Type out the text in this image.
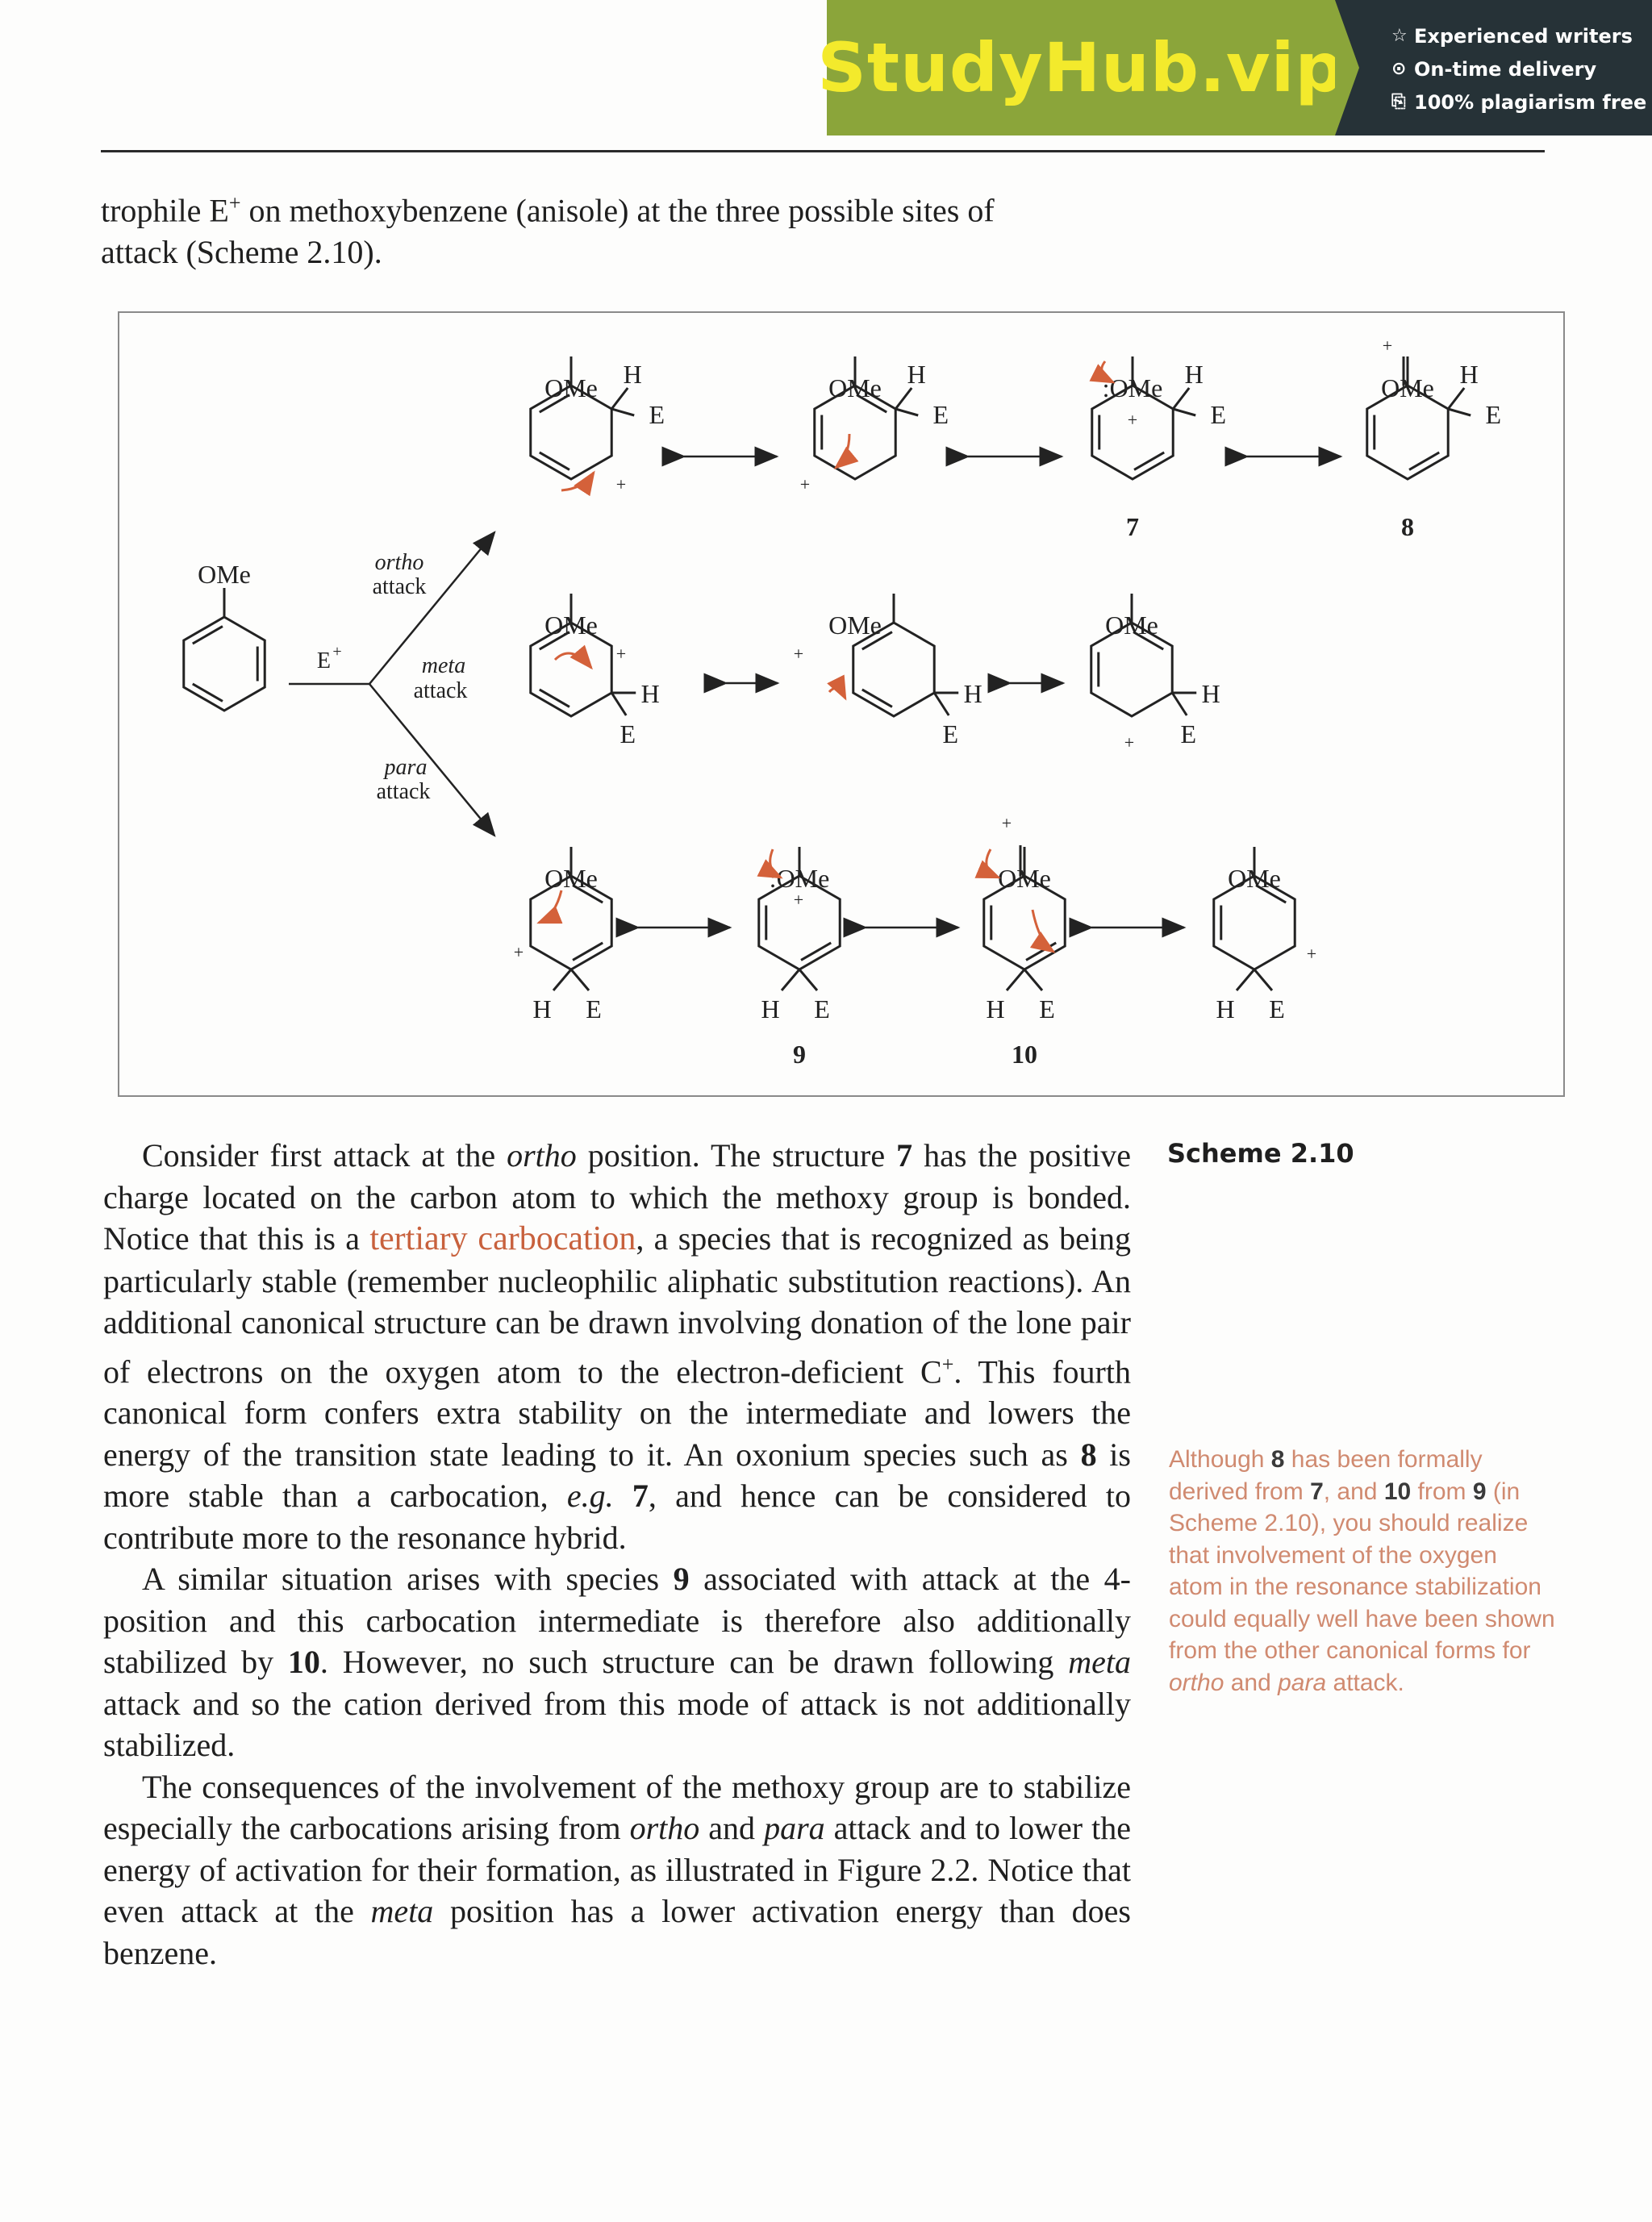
StudyHub.vip	☆ Experienced writers
⊙ On-time delivery
⎘ 100% plagiarism free
trophile E+ on methoxybenzene (anisole) at the three possible sites of
attack (Scheme 2.10).
OMe
E +
ortho
attack
meta
attack
para
attack
OMe H
E
+
OMe H
E
+
:OMe H
E
+
7
OMe
+
H
E
8
OMe
H
E
+
OMe
H
E
+
OMe
H
E
+
OMe
H E
+
:OMe
H E
+
9
OMe
+
H E
10
OMe
H E
+
Scheme 2.10

Consider first attack at the ortho position. The structure 7 has the positive charge located on the carbon atom to which the methoxy group is bonded. Notice that this is a tertiary carbocation, a species that is recognized as being particularly stable (remember nucleophilic aliphatic substitution reactions). An additional canonical structure can be drawn involving donation of the lone pair of electrons on the oxygen atom to the electron-deficient C+. This fourth canonical form confers extra stability on the intermediate and lowers the energy of the transition state leading to it. An oxonium species such as 8 is more stable than a carbocation, e.g. 7, and hence can be considered to contribute more to the resonance hybrid.

A similar situation arises with species 9 associated with attack at the 4-position and this carbocation intermediate is therefore also additionally stabilized by 10. However, no such structure can be drawn following meta attack and so the cation derived from this mode of attack is not additionally stabilized.

The consequences of the involvement of the methoxy group are to stabilize especially the carbocations arising from ortho and para attack and to lower the energy of activation for their formation, as illustrated in Figure 2.2. Notice that even attack at the meta position has a lower activation energy than does benzene.

Although 8 has been formally derived from 7, and 10 from 9 (in Scheme 2.10), you should realize that involvement of the oxygen atom in the resonance stabilization could equally well have been shown from the other canonical forms for ortho and para attack.
